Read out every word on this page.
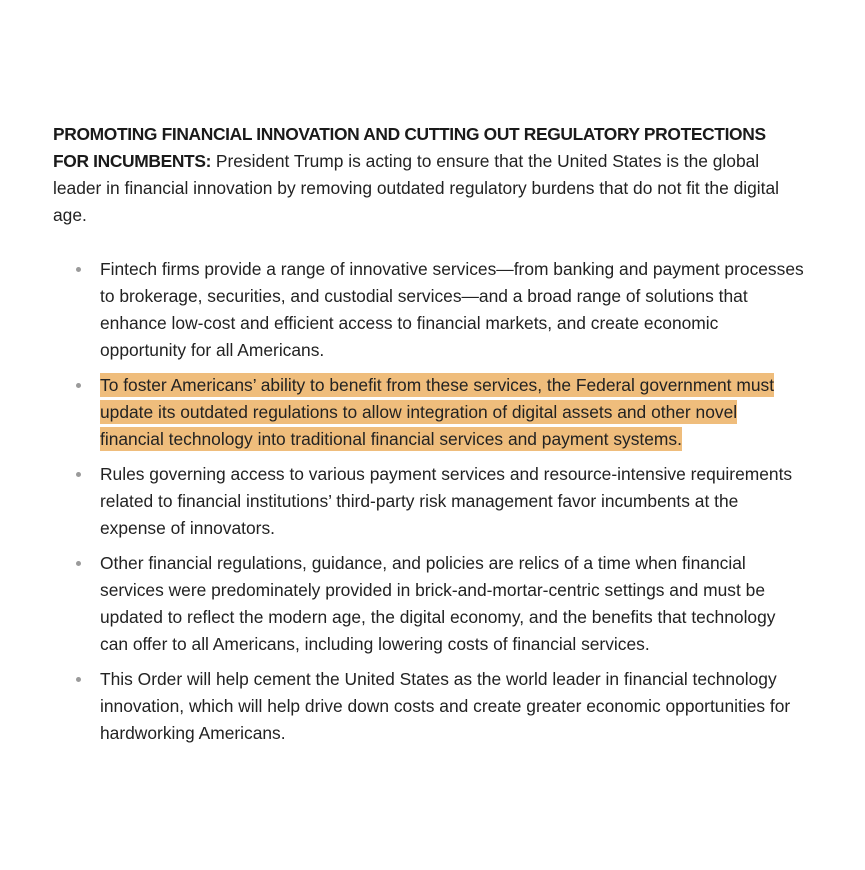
PROMOTING FINANCIAL INNOVATION AND CUTTING OUT REGULATORY PROTECTIONS FOR INCUMBENTS: President Trump is acting to ensure that the United States is the global leader in financial innovation by removing outdated regulatory burdens that do not fit the digital age.

Fintech firms provide a range of innovative services—from banking and payment processes to brokerage, securities, and custodial services—and a broad range of solutions that enhance low-cost and efficient access to financial markets, and create economic opportunity for all Americans.
To foster Americans’ ability to benefit from these services, the Federal government must update its outdated regulations to allow integration of digital assets and other novel financial technology into traditional financial services and payment systems.
Rules governing access to various payment services and resource-intensive requirements related to financial institutions’ third-party risk management favor incumbents at the expense of innovators.
Other financial regulations, guidance, and policies are relics of a time when financial services were predominately provided in brick-and-mortar-centric settings and must be updated to reflect the modern age, the digital economy, and the benefits that technology can offer to all Americans, including lowering costs of financial services.
This Order will help cement the United States as the world leader in financial technology innovation, which will help drive down costs and create greater economic opportunities for hardworking Americans.
